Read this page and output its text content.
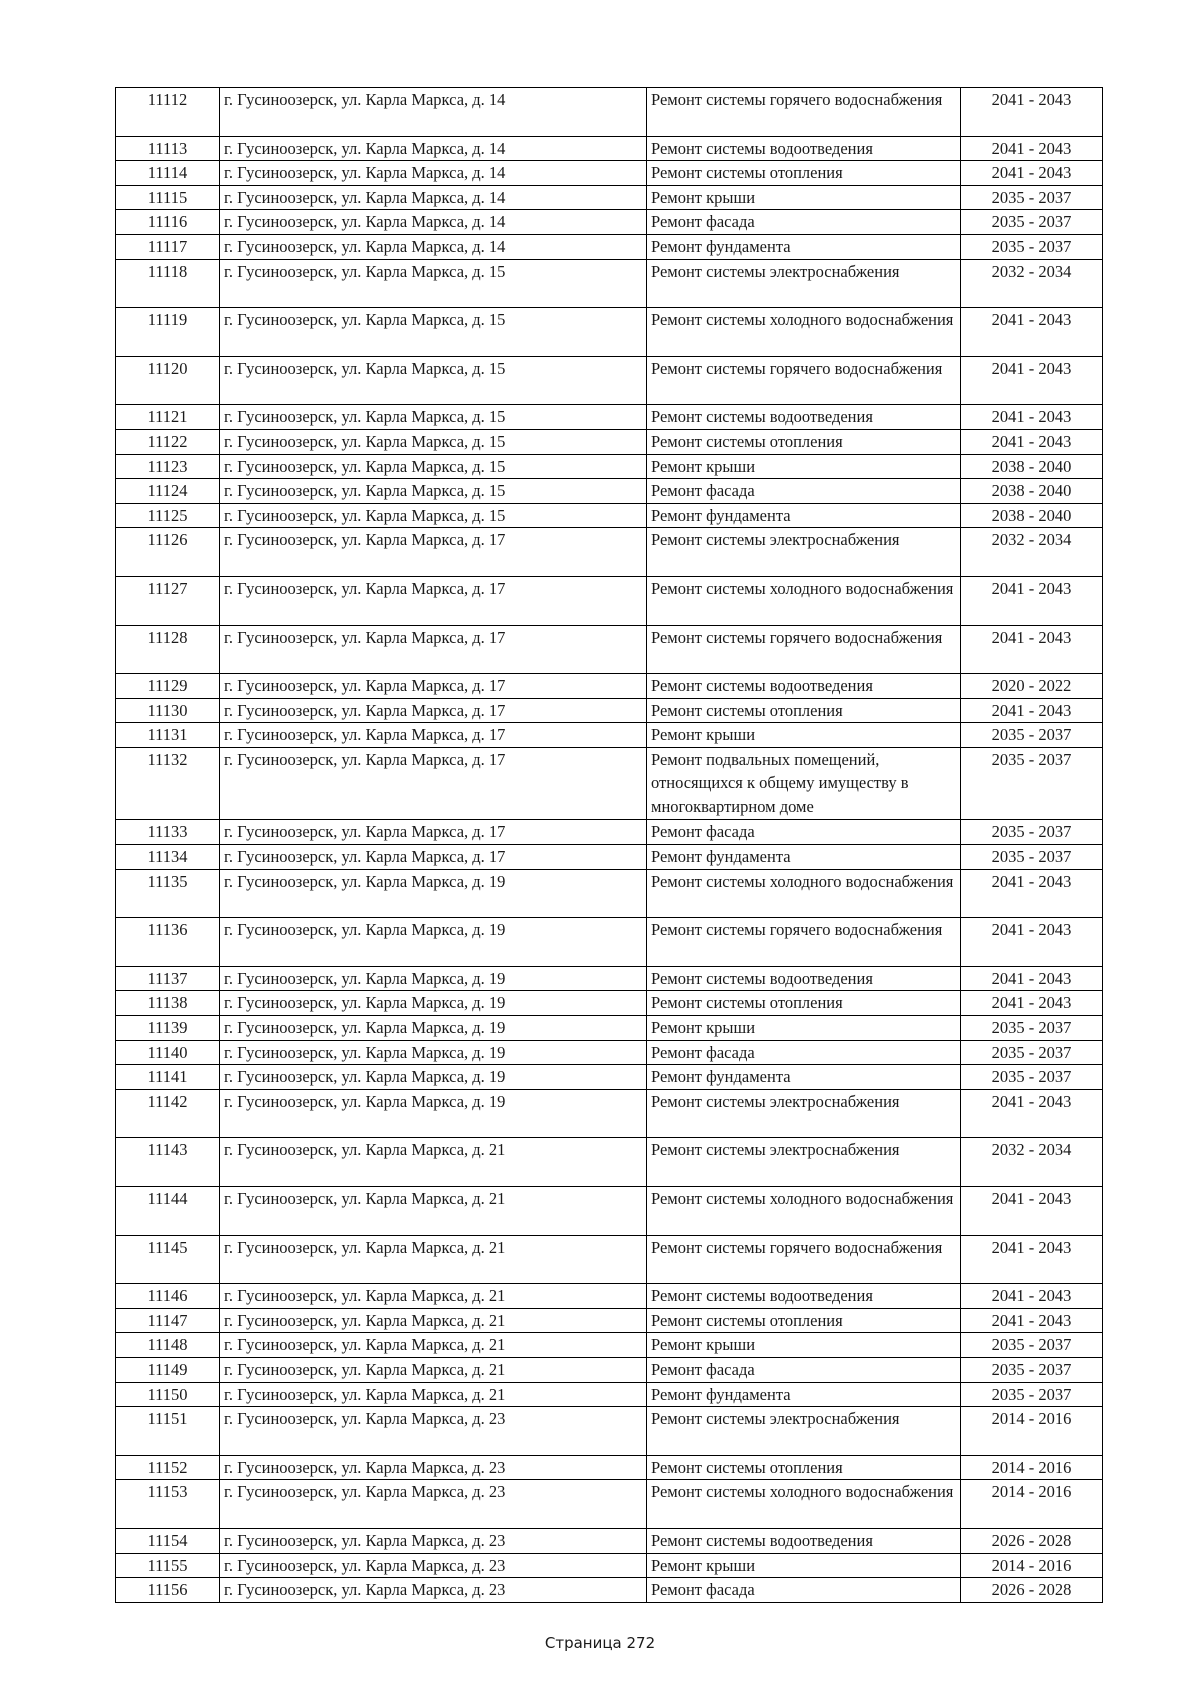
11112	г. Гусиноозерск, ул. Карла Маркса, д. 14	Ремонт системы горячего водоснабжения	2041 - 2043
11113	г. Гусиноозерск, ул. Карла Маркса, д. 14	Ремонт системы водоотведения	2041 - 2043
11114	г. Гусиноозерск, ул. Карла Маркса, д. 14	Ремонт системы отопления	2041 - 2043
11115	г. Гусиноозерск, ул. Карла Маркса, д. 14	Ремонт крыши	2035 - 2037
11116	г. Гусиноозерск, ул. Карла Маркса, д. 14	Ремонт фасада	2035 - 2037
11117	г. Гусиноозерск, ул. Карла Маркса, д. 14	Ремонт фундамента	2035 - 2037
11118	г. Гусиноозерск, ул. Карла Маркса, д. 15	Ремонт системы электроснабжения	2032 - 2034
11119	г. Гусиноозерск, ул. Карла Маркса, д. 15	Ремонт системы холодного водоснабжения	2041 - 2043
11120	г. Гусиноозерск, ул. Карла Маркса, д. 15	Ремонт системы горячего водоснабжения	2041 - 2043
11121	г. Гусиноозерск, ул. Карла Маркса, д. 15	Ремонт системы водоотведения	2041 - 2043
11122	г. Гусиноозерск, ул. Карла Маркса, д. 15	Ремонт системы отопления	2041 - 2043
11123	г. Гусиноозерск, ул. Карла Маркса, д. 15	Ремонт крыши	2038 - 2040
11124	г. Гусиноозерск, ул. Карла Маркса, д. 15	Ремонт фасада	2038 - 2040
11125	г. Гусиноозерск, ул. Карла Маркса, д. 15	Ремонт фундамента	2038 - 2040
11126	г. Гусиноозерск, ул. Карла Маркса, д. 17	Ремонт системы электроснабжения	2032 - 2034
11127	г. Гусиноозерск, ул. Карла Маркса, д. 17	Ремонт системы холодного водоснабжения	2041 - 2043
11128	г. Гусиноозерск, ул. Карла Маркса, д. 17	Ремонт системы горячего водоснабжения	2041 - 2043
11129	г. Гусиноозерск, ул. Карла Маркса, д. 17	Ремонт системы водоотведения	2020 - 2022
11130	г. Гусиноозерск, ул. Карла Маркса, д. 17	Ремонт системы отопления	2041 - 2043
11131	г. Гусиноозерск, ул. Карла Маркса, д. 17	Ремонт крыши	2035 - 2037
11132	г. Гусиноозерск, ул. Карла Маркса, д. 17	Ремонт подвальных помещений, относящихся к общему имуществу в многоквартирном доме	2035 - 2037
11133	г. Гусиноозерск, ул. Карла Маркса, д. 17	Ремонт фасада	2035 - 2037
11134	г. Гусиноозерск, ул. Карла Маркса, д. 17	Ремонт фундамента	2035 - 2037
11135	г. Гусиноозерск, ул. Карла Маркса, д. 19	Ремонт системы холодного водоснабжения	2041 - 2043
11136	г. Гусиноозерск, ул. Карла Маркса, д. 19	Ремонт системы горячего водоснабжения	2041 - 2043
11137	г. Гусиноозерск, ул. Карла Маркса, д. 19	Ремонт системы водоотведения	2041 - 2043
11138	г. Гусиноозерск, ул. Карла Маркса, д. 19	Ремонт системы отопления	2041 - 2043
11139	г. Гусиноозерск, ул. Карла Маркса, д. 19	Ремонт крыши	2035 - 2037
11140	г. Гусиноозерск, ул. Карла Маркса, д. 19	Ремонт фасада	2035 - 2037
11141	г. Гусиноозерск, ул. Карла Маркса, д. 19	Ремонт фундамента	2035 - 2037
11142	г. Гусиноозерск, ул. Карла Маркса, д. 19	Ремонт системы электроснабжения	2041 - 2043
11143	г. Гусиноозерск, ул. Карла Маркса, д. 21	Ремонт системы электроснабжения	2032 - 2034
11144	г. Гусиноозерск, ул. Карла Маркса, д. 21	Ремонт системы холодного водоснабжения	2041 - 2043
11145	г. Гусиноозерск, ул. Карла Маркса, д. 21	Ремонт системы горячего водоснабжения	2041 - 2043
11146	г. Гусиноозерск, ул. Карла Маркса, д. 21	Ремонт системы водоотведения	2041 - 2043
11147	г. Гусиноозерск, ул. Карла Маркса, д. 21	Ремонт системы отопления	2041 - 2043
11148	г. Гусиноозерск, ул. Карла Маркса, д. 21	Ремонт крыши	2035 - 2037
11149	г. Гусиноозерск, ул. Карла Маркса, д. 21	Ремонт фасада	2035 - 2037
11150	г. Гусиноозерск, ул. Карла Маркса, д. 21	Ремонт фундамента	2035 - 2037
11151	г. Гусиноозерск, ул. Карла Маркса, д. 23	Ремонт системы электроснабжения	2014 - 2016
11152	г. Гусиноозерск, ул. Карла Маркса, д. 23	Ремонт системы отопления	2014 - 2016
11153	г. Гусиноозерск, ул. Карла Маркса, д. 23	Ремонт системы холодного водоснабжения	2014 - 2016
11154	г. Гусиноозерск, ул. Карла Маркса, д. 23	Ремонт системы водоотведения	2026 - 2028
11155	г. Гусиноозерск, ул. Карла Маркса, д. 23	Ремонт крыши	2014 - 2016
11156	г. Гусиноозерск, ул. Карла Маркса, д. 23	Ремонт фасада	2026 - 2028
Страница 272
